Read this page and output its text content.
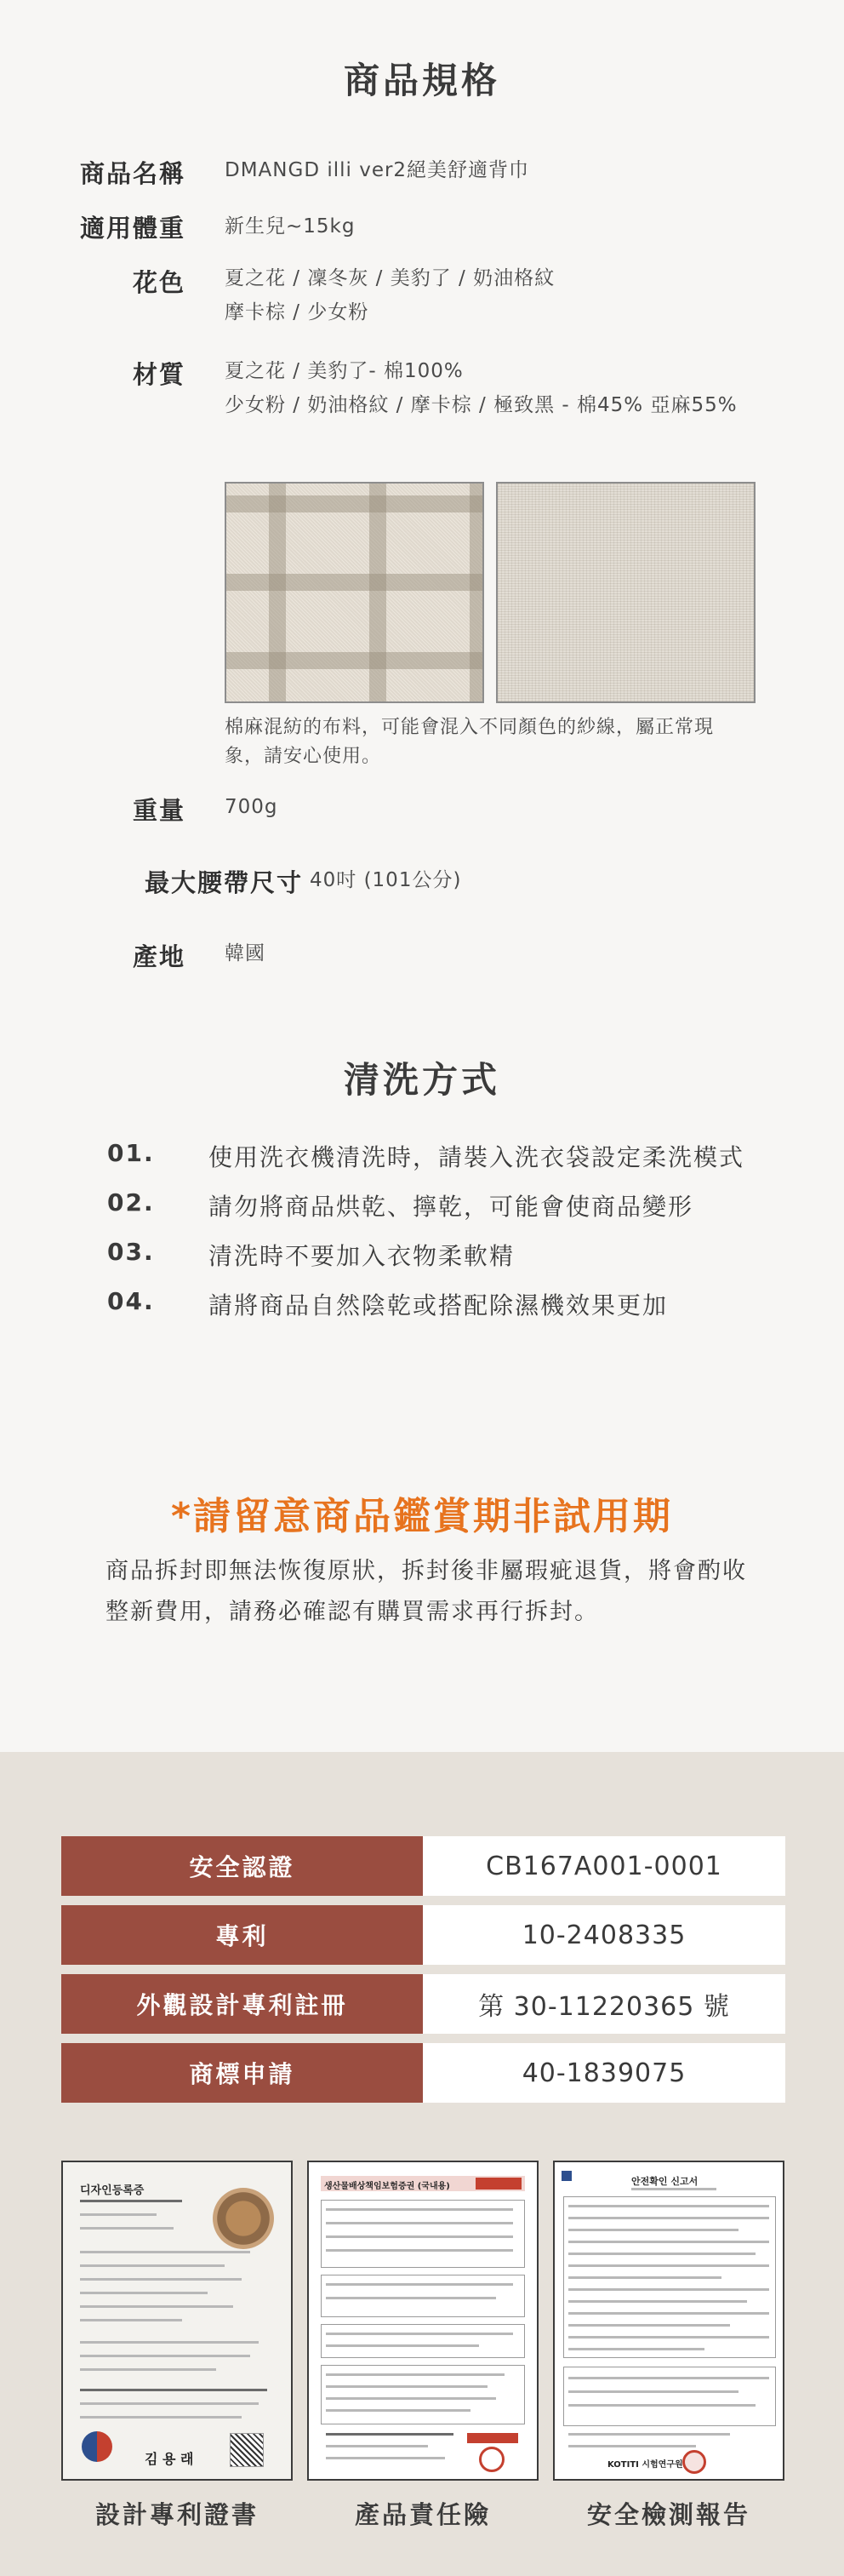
商品規格
商品名稱 DMANGD illi ver2絕美舒適背巾
適用體重 新生兒~15kg
花色 夏之花 / 凜冬灰 / 美豹了 / 奶油格紋
摩卡棕 / 少女粉
材質 夏之花 / 美豹了- 棉100%
少女粉 / 奶油格紋 / 摩卡棕 / 極致黑 - 棉45% 亞麻55%
棉麻混紡的布料，可能會混入不同顏色的紗線，屬正常現象，請安心使用。
重量 700g
最大腰帶尺寸 40吋 (101公分)
產地 韓國
清洗方式
01. 使用洗衣機清洗時，請裝入洗衣袋設定柔洗模式
02. 請勿將商品烘乾、擰乾，可能會使商品變形
03. 清洗時不要加入衣物柔軟精
04. 請將商品自然陰乾或搭配除濕機效果更加
*請留意商品鑑賞期非試用期
商品拆封即無法恢復原狀，拆封後非屬瑕疵退貨，將會酌收整新費用，請務必確認有購買需求再行拆封。
安全認證	CB167A001-0001
專利	10-2408335
外觀設計專利註冊	第 30-11220365 號
商標申請	40-1839075
디자인등록증
김 용 래
設計專利證書
생산물배상책임보험증권 (국내용)
產品責任險
안전확인 신고서
KOTITI 시험연구원
安全檢測報告
